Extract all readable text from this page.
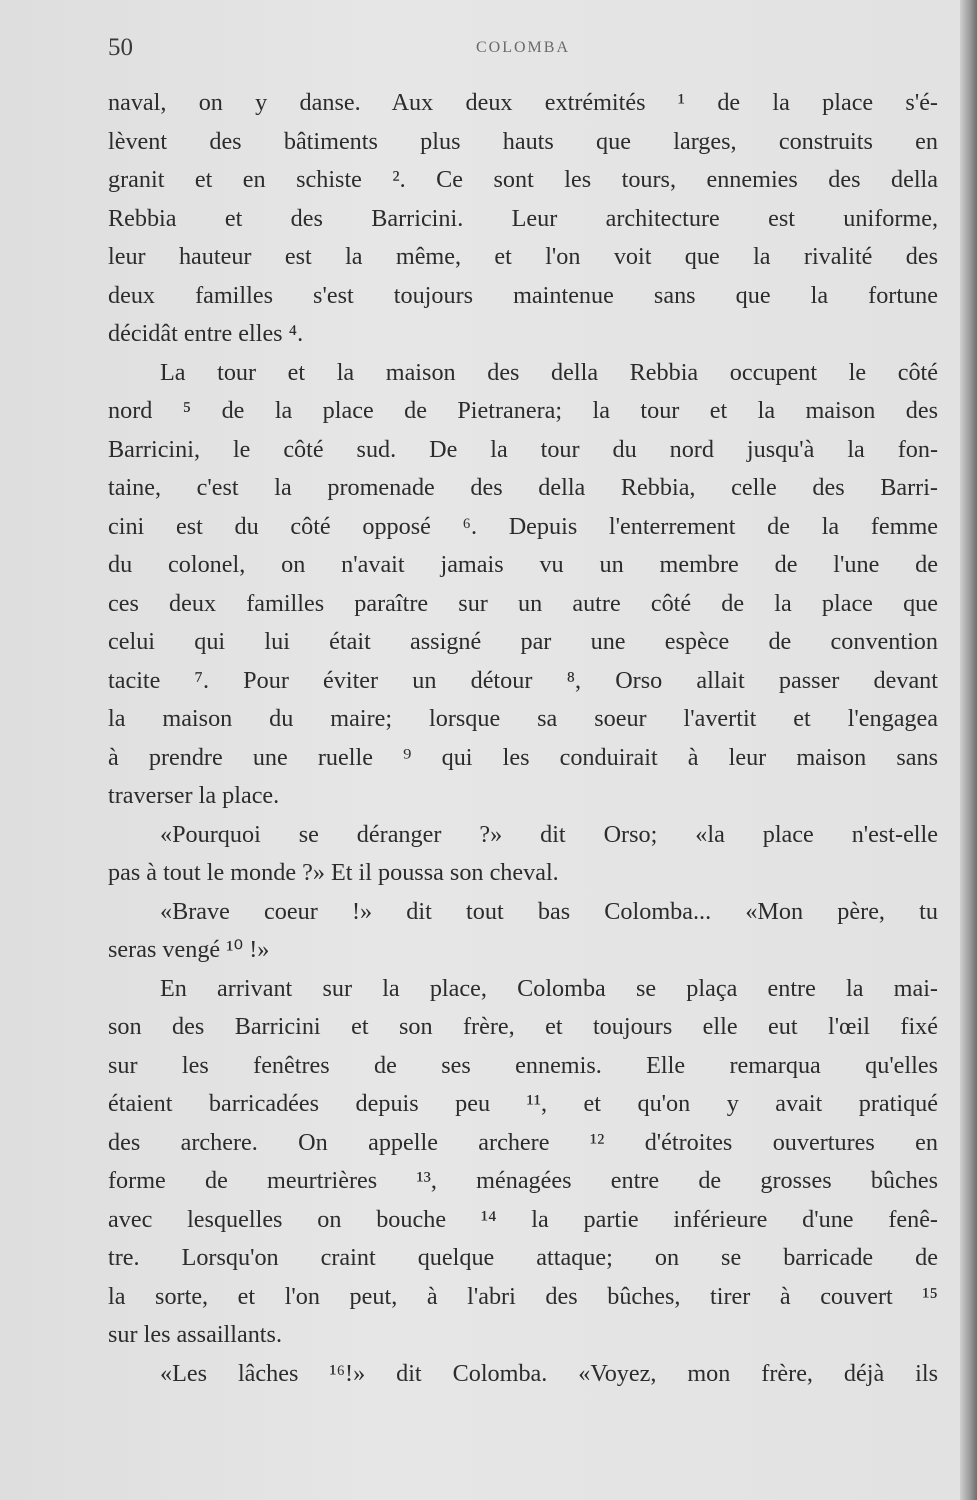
50	COLOMBA
naval, on y danse. Aux deux extrémités ¹ de la place s'é-
lèvent des bâtiments plus hauts que larges, construits en
granit et en schiste ². Ce sont les tours, ennemies des della
Rebbia et des Barricini. Leur architecture est uniforme,
leur hauteur est la même, et l'on voit que la rivalité des
deux familles s'est toujours maintenue sans que la fortune
décidât entre elles ⁴.
La tour et la maison des della Rebbia occupent le côté
nord ⁵ de la place de Pietranera; la tour et la maison des
Barricini, le côté sud. De la tour du nord jusqu'à la fon-
taine, c'est la promenade des della Rebbia, celle des Barri-
cini est du côté opposé ⁶. Depuis l'enterrement de la femme
du colonel, on n'avait jamais vu un membre de l'une de
ces deux familles paraître sur un autre côté de la place que
celui qui lui était assigné par une espèce de convention
tacite ⁷. Pour éviter un détour ⁸, Orso allait passer devant
la maison du maire; lorsque sa soeur l'avertit et l'engagea
à prendre une ruelle ⁹ qui les conduirait à leur maison sans
traverser la place.
«Pourquoi se déranger ?» dit Orso; «la place n'est-elle
pas à tout le monde ?» Et il poussa son cheval.
«Brave coeur !» dit tout bas Colomba... «Mon père, tu
seras vengé ¹⁰ !»
En arrivant sur la place, Colomba se plaça entre la mai-
son des Barricini et son frère, et toujours elle eut l'œil fixé
sur les fenêtres de ses ennemis. Elle remarqua qu'elles
étaient barricadées depuis peu ¹¹, et qu'on y avait pratiqué
des archere. On appelle archere ¹² d'étroites ouvertures en
forme de meurtrières ¹³, ménagées entre de grosses bûches
avec lesquelles on bouche ¹⁴ la partie inférieure d'une fenê-
tre. Lorsqu'on craint quelque attaque; on se barricade de
la sorte, et l'on peut, à l'abri des bûches, tirer à couvert ¹⁵
sur les assaillants.
«Les lâches ¹⁶!» dit Colomba. «Voyez, mon frère, déjà ils
